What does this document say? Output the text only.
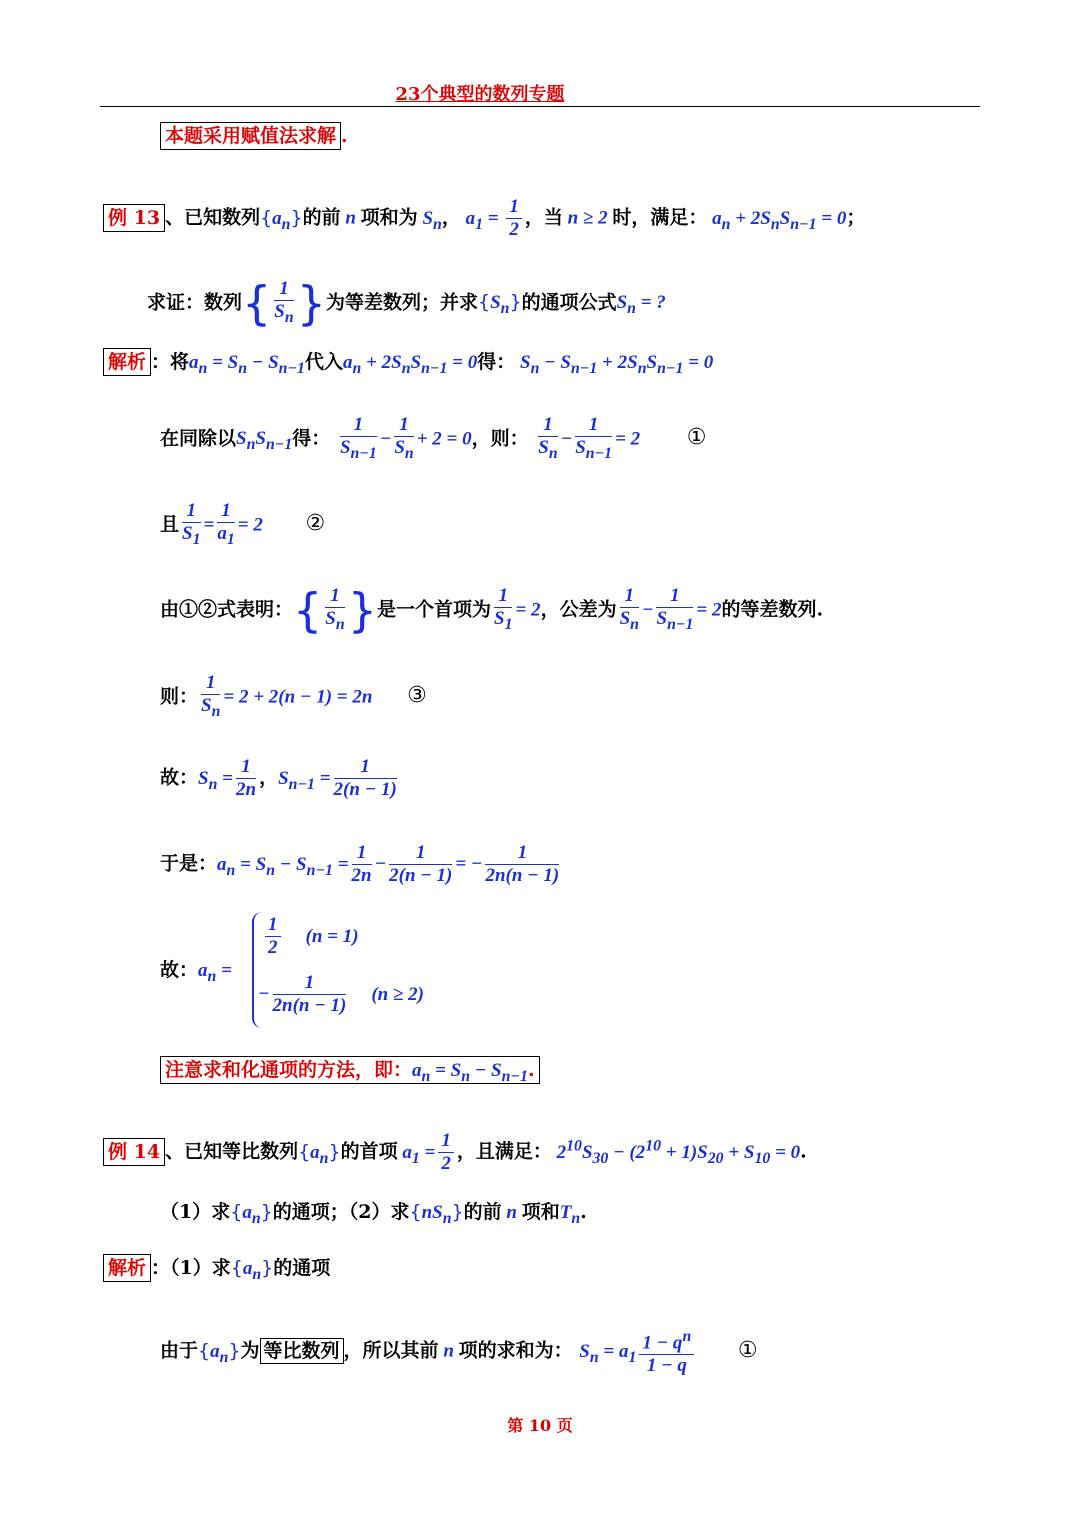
23个典型的数列专题
本题采用赋值法求解 .
例 13 、已知数列$\{a_n\}$的前 n 项和为 $S_n$， $a_1 = \frac{1}{2}$ ，当 n ≥ 2 时，满足： $a_n + 2S_nS_{n-1} = 0$；
求证：数列{ $\frac{1}{S_n}$ }为等差数列；并求$\{S_n\}$的通项公式$S_n$ = ?
解析 ：将$a_n = S_n - S_{n-1}$代入$a_n + 2S_nS_{n-1} = 0$得： $S_n - S_{n-1} + 2S_nS_{n-1} = 0$
在同除以$S_nS_{n-1}$得： $\frac{1}{S_{n-1}} - \frac{1}{S_n} + 2 = 0$，则： $\frac{1}{S_n} - \frac{1}{S_{n-1}} = 2$ ①
且 $\frac{1}{S_1} = \frac{1}{a_1} = 2$ ②
由①②式表明：{ $\frac{1}{S_n}$ }是一个首项为 $\frac{1}{S_1} = 2$，公差为 $\frac{1}{S_n} - \frac{1}{S_{n-1}} = 2$的等差数列.
则： $\frac{1}{S_n} = 2 + 2(n - 1) = 2n$ ③
故：$S_n = \frac{1}{2n}$ ，$S_{n-1} = \frac{1}{2(n - 1)}$
于是：$a_n = S_n - S_{n-1} = \frac{1}{2n} - \frac{1}{2(n - 1)}$ = − $\frac{1}{2n(n - 1)}$
故：$a_n$ =
$\frac{1}{2} (n = 1)$
− $\frac{1}{2n(n - 1)} (n \ge 2)$
注意求和化通项的方法，即：$a_n = S_n - S_{n-1}$.
例 14 、已知等比数列$\{a_n\}$的首项 $a_1 = \frac{1}{2}$ ，且满足： $2^{10}S_{30} - (2^{10} + 1)S_{20} + S_{10} = 0$.
（1）求$\{a_n\}$的通项；（2）求$\{nS_n\}$的前 n 项和$T_n$.
解析 ：（1）求$\{a_n\}$的通项
由于$\{a_n\}$为 等比数列 ，所以其前 n 项的求和为： $S_n = a_1 \frac{1 - q^n}{1 - q}$ ①
第 10 页
